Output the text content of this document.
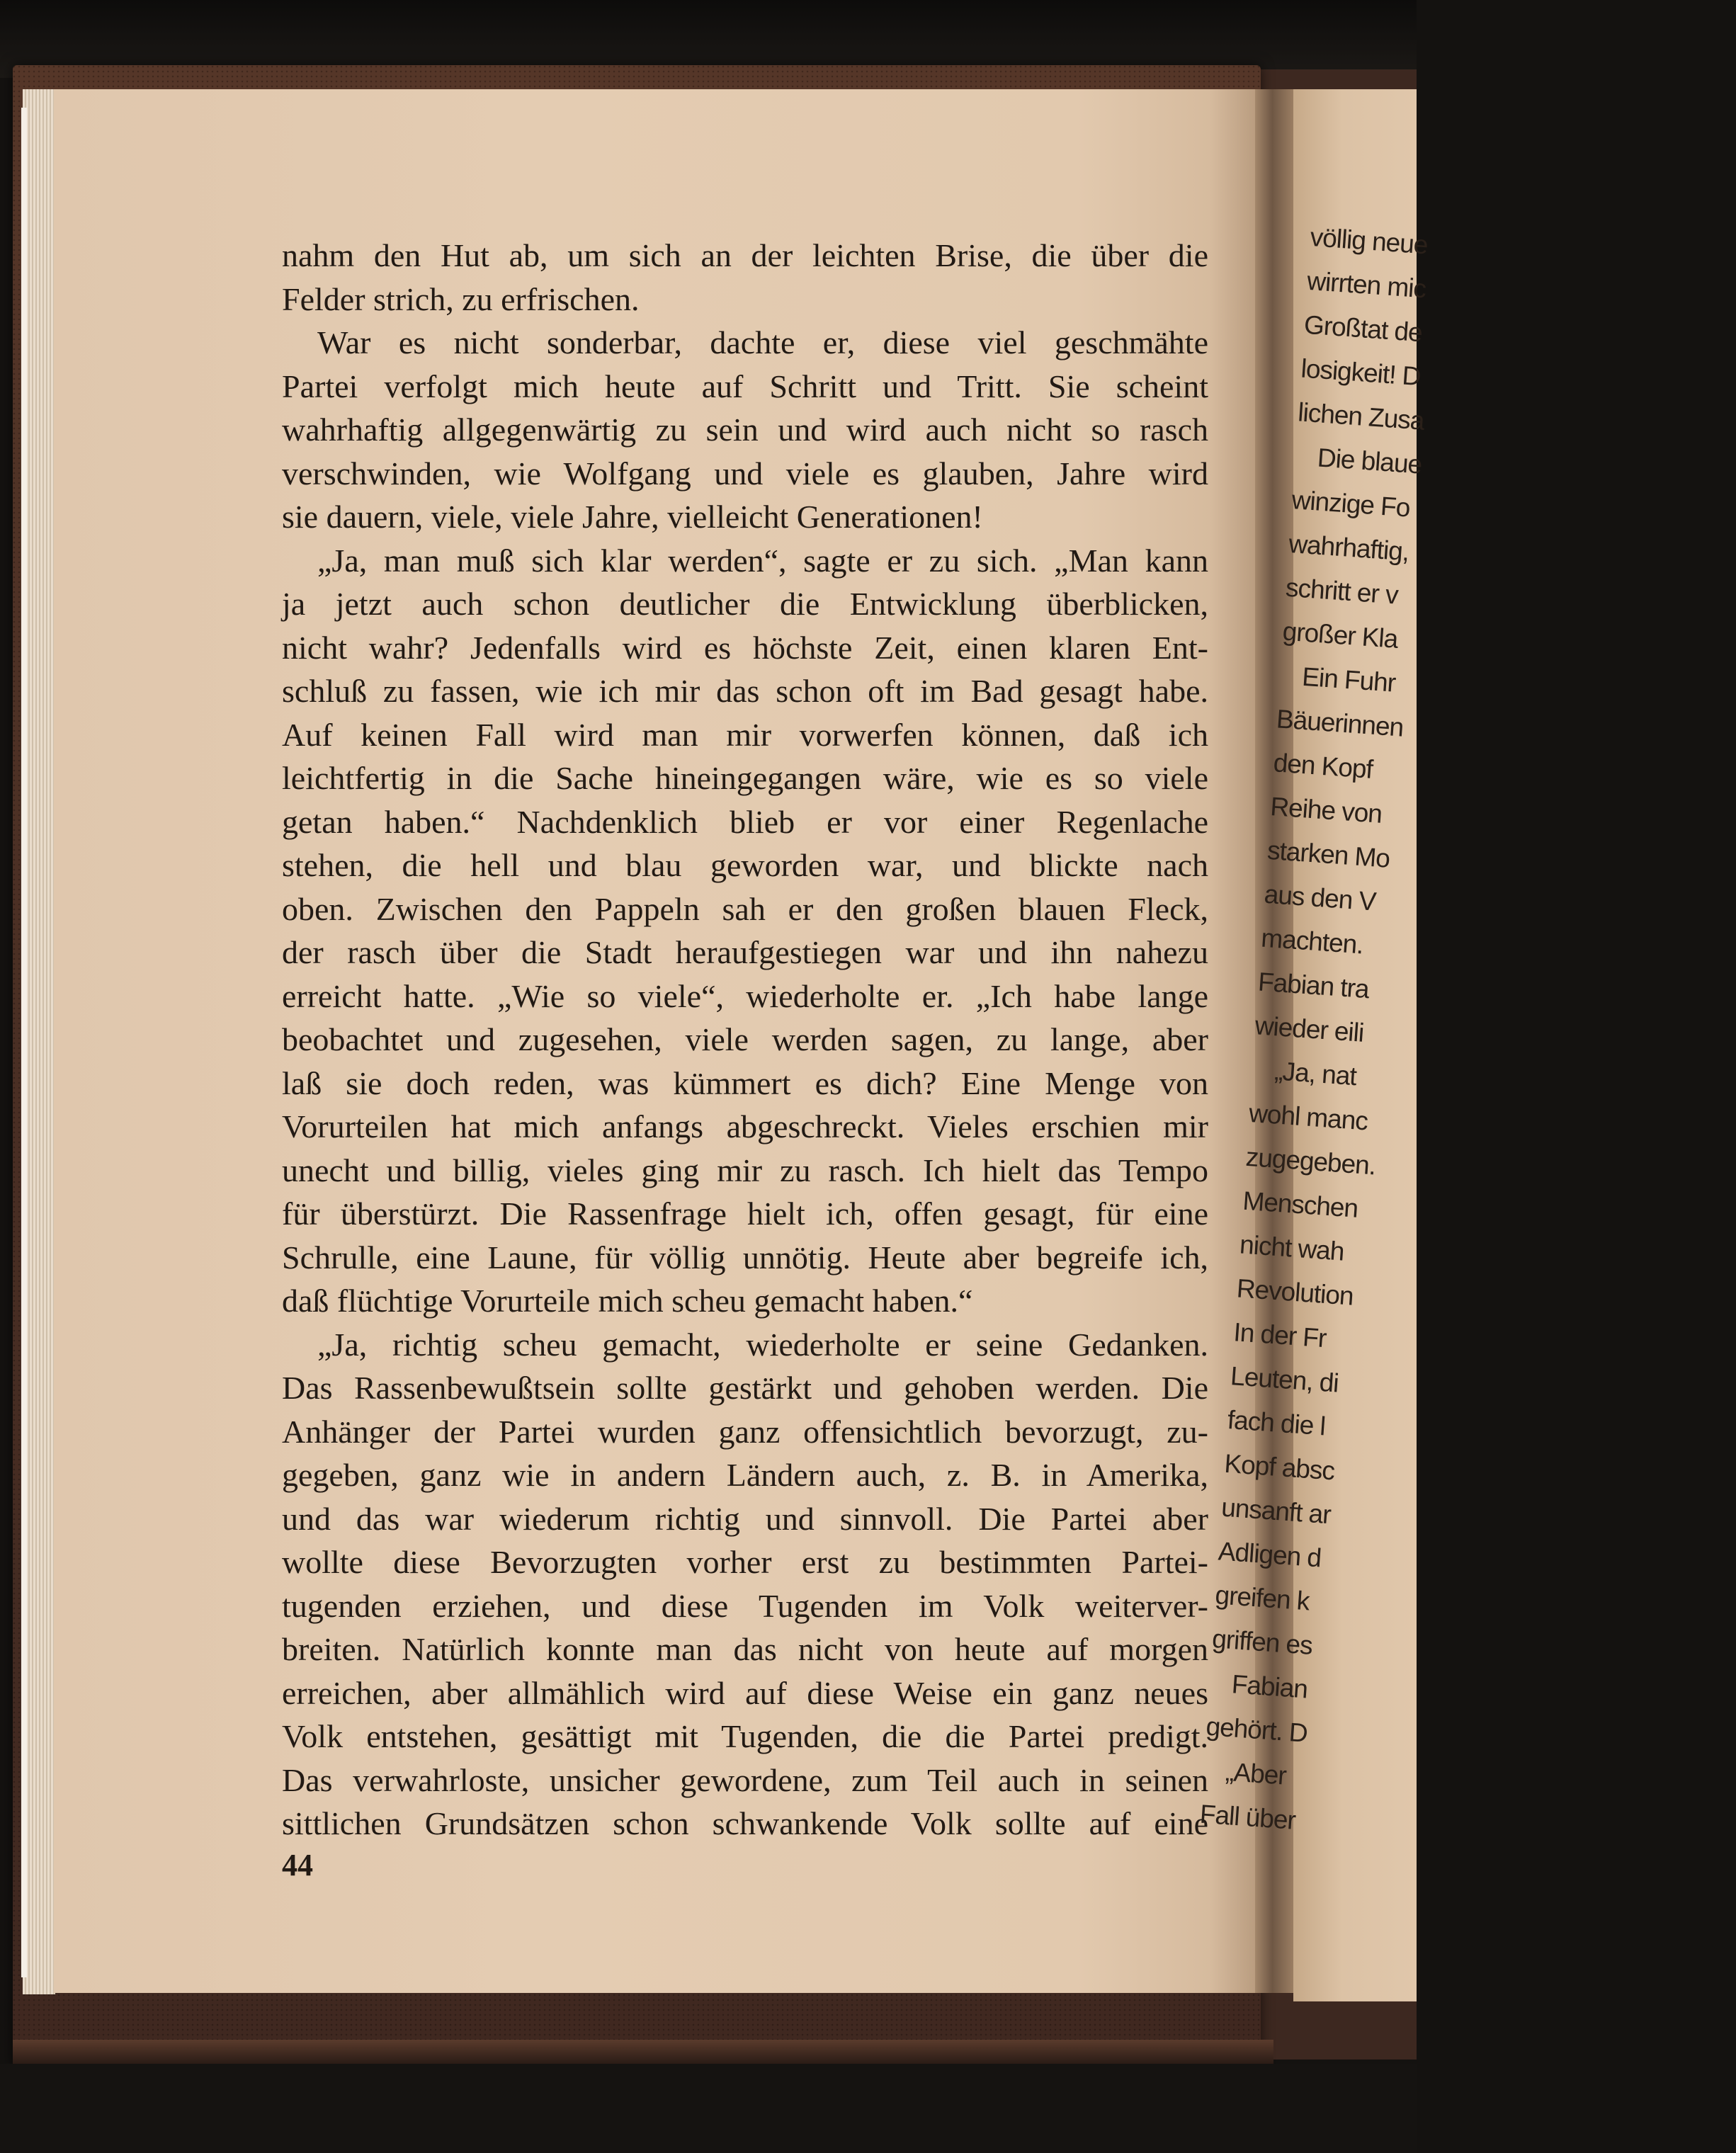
völlig neue
wirrten mic
Großtat de
losigkeit! D
lichen Zusa
Die blaue
winzige Fo
wahrhaftig,
schritt er v
großer Kla
Ein Fuhr
Bäuerinnen
den Kopf
Reihe von
starken Mo
aus den V
machten.
Fabian tra
wieder eili
„Ja, nat
wohl manc
zugegeben.
Menschen
nicht wah
Revolution
In der Fr
Leuten, di
fach die l
Kopf absc
unsanft ar
Adligen d
greifen k
griffen es
Fabian
gehört. D
„Aber
Fall über
nahm den Hut ab, um sich an der leichten Brise, die über die
Felder strich, zu erfrischen.
War es nicht sonderbar, dachte er, diese viel geschmähte
Partei verfolgt mich heute auf Schritt und Tritt. Sie scheint
wahrhaftig allgegenwärtig zu sein und wird auch nicht so rasch
verschwinden, wie Wolfgang und viele es glauben, Jahre wird
sie dauern, viele, viele Jahre, vielleicht Generationen!
„Ja, man muß sich klar werden“, sagte er zu sich. „Man kann
ja jetzt auch schon deutlicher die Entwicklung überblicken,
nicht wahr? Jedenfalls wird es höchste Zeit, einen klaren Ent-
schluß zu fassen, wie ich mir das schon oft im Bad gesagt habe.
Auf keinen Fall wird man mir vorwerfen können, daß ich
leichtfertig in die Sache hineingegangen wäre, wie es so viele
getan haben.“ Nachdenklich blieb er vor einer Regenlache
stehen, die hell und blau geworden war, und blickte nach
oben. Zwischen den Pappeln sah er den großen blauen Fleck,
der rasch über die Stadt heraufgestiegen war und ihn nahezu
erreicht hatte. „Wie so viele“, wiederholte er. „Ich habe lange
beobachtet und zugesehen, viele werden sagen, zu lange, aber
laß sie doch reden, was kümmert es dich? Eine Menge von
Vorurteilen hat mich anfangs abgeschreckt. Vieles erschien mir
unecht und billig, vieles ging mir zu rasch. Ich hielt das Tempo
für überstürzt. Die Rassenfrage hielt ich, offen gesagt, für eine
Schrulle, eine Laune, für völlig unnötig. Heute aber begreife ich,
daß flüchtige Vorurteile mich scheu gemacht haben.“
„Ja, richtig scheu gemacht, wiederholte er seine Gedanken.
Das Rassenbewußtsein sollte gestärkt und gehoben werden. Die
Anhänger der Partei wurden ganz offensichtlich bevorzugt, zu-
gegeben, ganz wie in andern Ländern auch, z. B. in Amerika,
und das war wiederum richtig und sinnvoll. Die Partei aber
wollte diese Bevorzugten vorher erst zu bestimmten Partei-
tugenden erziehen, und diese Tugenden im Volk weiterver-
breiten. Natürlich konnte man das nicht von heute auf morgen
erreichen, aber allmählich wird auf diese Weise ein ganz neues
Volk entstehen, gesättigt mit Tugenden, die die Partei predigt.
Das verwahrloste, unsicher gewordene, zum Teil auch in seinen
sittlichen Grundsätzen schon schwankende Volk sollte auf eine
44
